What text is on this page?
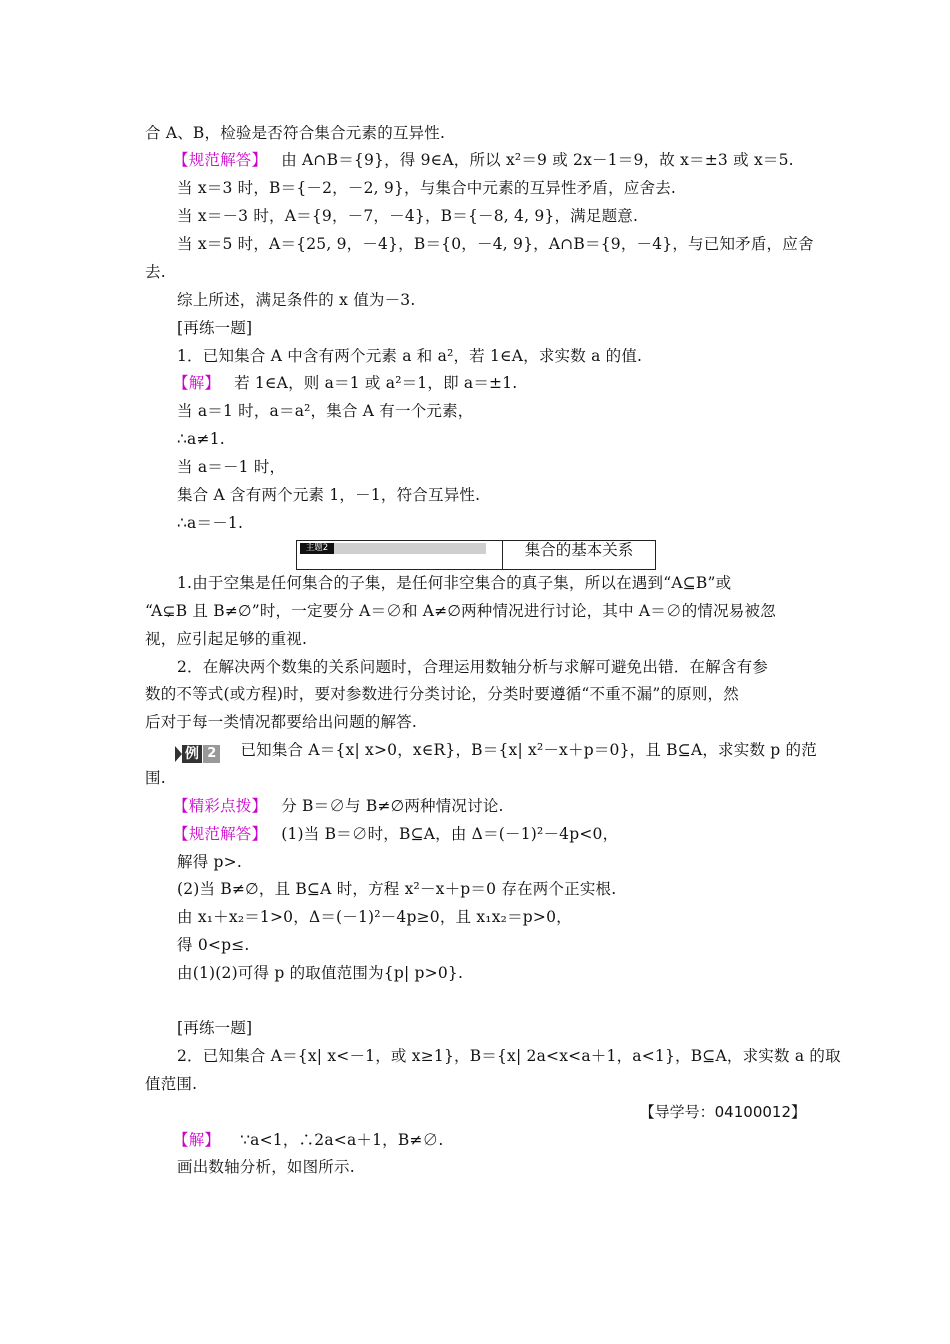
合 A、B，检验是否符合集合元素的互异性.
【规范解答】 由 A∩B＝{9}，得 9∈A，所以 x²＝9 或 2x－1＝9，故 x＝±3 或 x＝5.
当 x＝3 时，B＝{－2，－2, 9}，与集合中元素的互异性矛盾，应舍去.
当 x＝－3 时，A＝{9，－7，－4}，B＝{－8, 4, 9}，满足题意.
当 x＝5 时，A＝{25, 9，－4}，B＝{0，－4, 9}，A∩B＝{9，－4}，与已知矛盾，应舍
去.
综上所述，满足条件的 x 值为－3.
[再练一题]
1．已知集合 A 中含有两个元素 a 和 a²，若 1∈A，求实数 a 的值.
【解】 若 1∈A，则 a＝1 或 a²＝1，即 a＝±1.
当 a＝1 时，a＝a²，集合 A 有一个元素，
∴a≠1.
当 a＝－1 时，
集合 A 含有两个元素 1，－1，符合互异性.
∴a＝－1.
主题2	集合的基本关系
1.由于空集是任何集合的子集，是任何非空集合的真子集，所以在遇到“A⊆B”或
“A⊊B 且 B≠∅”时，一定要分 A＝∅和 A≠∅两种情况进行讨论，其中 A＝∅的情况易被忽
视，应引起足够的重视.
2．在解决两个数集的关系问题时，合理运用数轴分析与求解可避免出错．在解含有参
数的不等式(或方程)时，要对参数进行分类讨论，分类时要遵循“不重不漏”的原则，然
后对于每一类情况都要给出问题的解答.
例 2 已知集合 A＝{x| x>0，x∈R}，B＝{x| x²－x＋p＝0}，且 B⊆A，求实数 p 的范
围.
【精彩点拨】 分 B＝∅与 B≠∅两种情况讨论.
【规范解答】 (1)当 B＝∅时，B⊆A，由 Δ＝(－1)²－4p<0，
解得 p>.
(2)当 B≠∅，且 B⊆A 时，方程 x²－x＋p＝0 存在两个正实根.
由 x₁＋x₂＝1>0，Δ＝(－1)²－4p≥0，且 x₁x₂＝p>0，
得 0<p≤.
由(1)(2)可得 p 的取值范围为{p| p>0}.
[再练一题]
2．已知集合 A＝{x| x<－1，或 x≥1}，B＝{x| 2a<x<a＋1，a<1}，B⊆A，求实数 a 的取
值范围.
【导学号：04100012】
【解】 ∵a<1，∴2a<a＋1，B≠∅.
画出数轴分析，如图所示.
